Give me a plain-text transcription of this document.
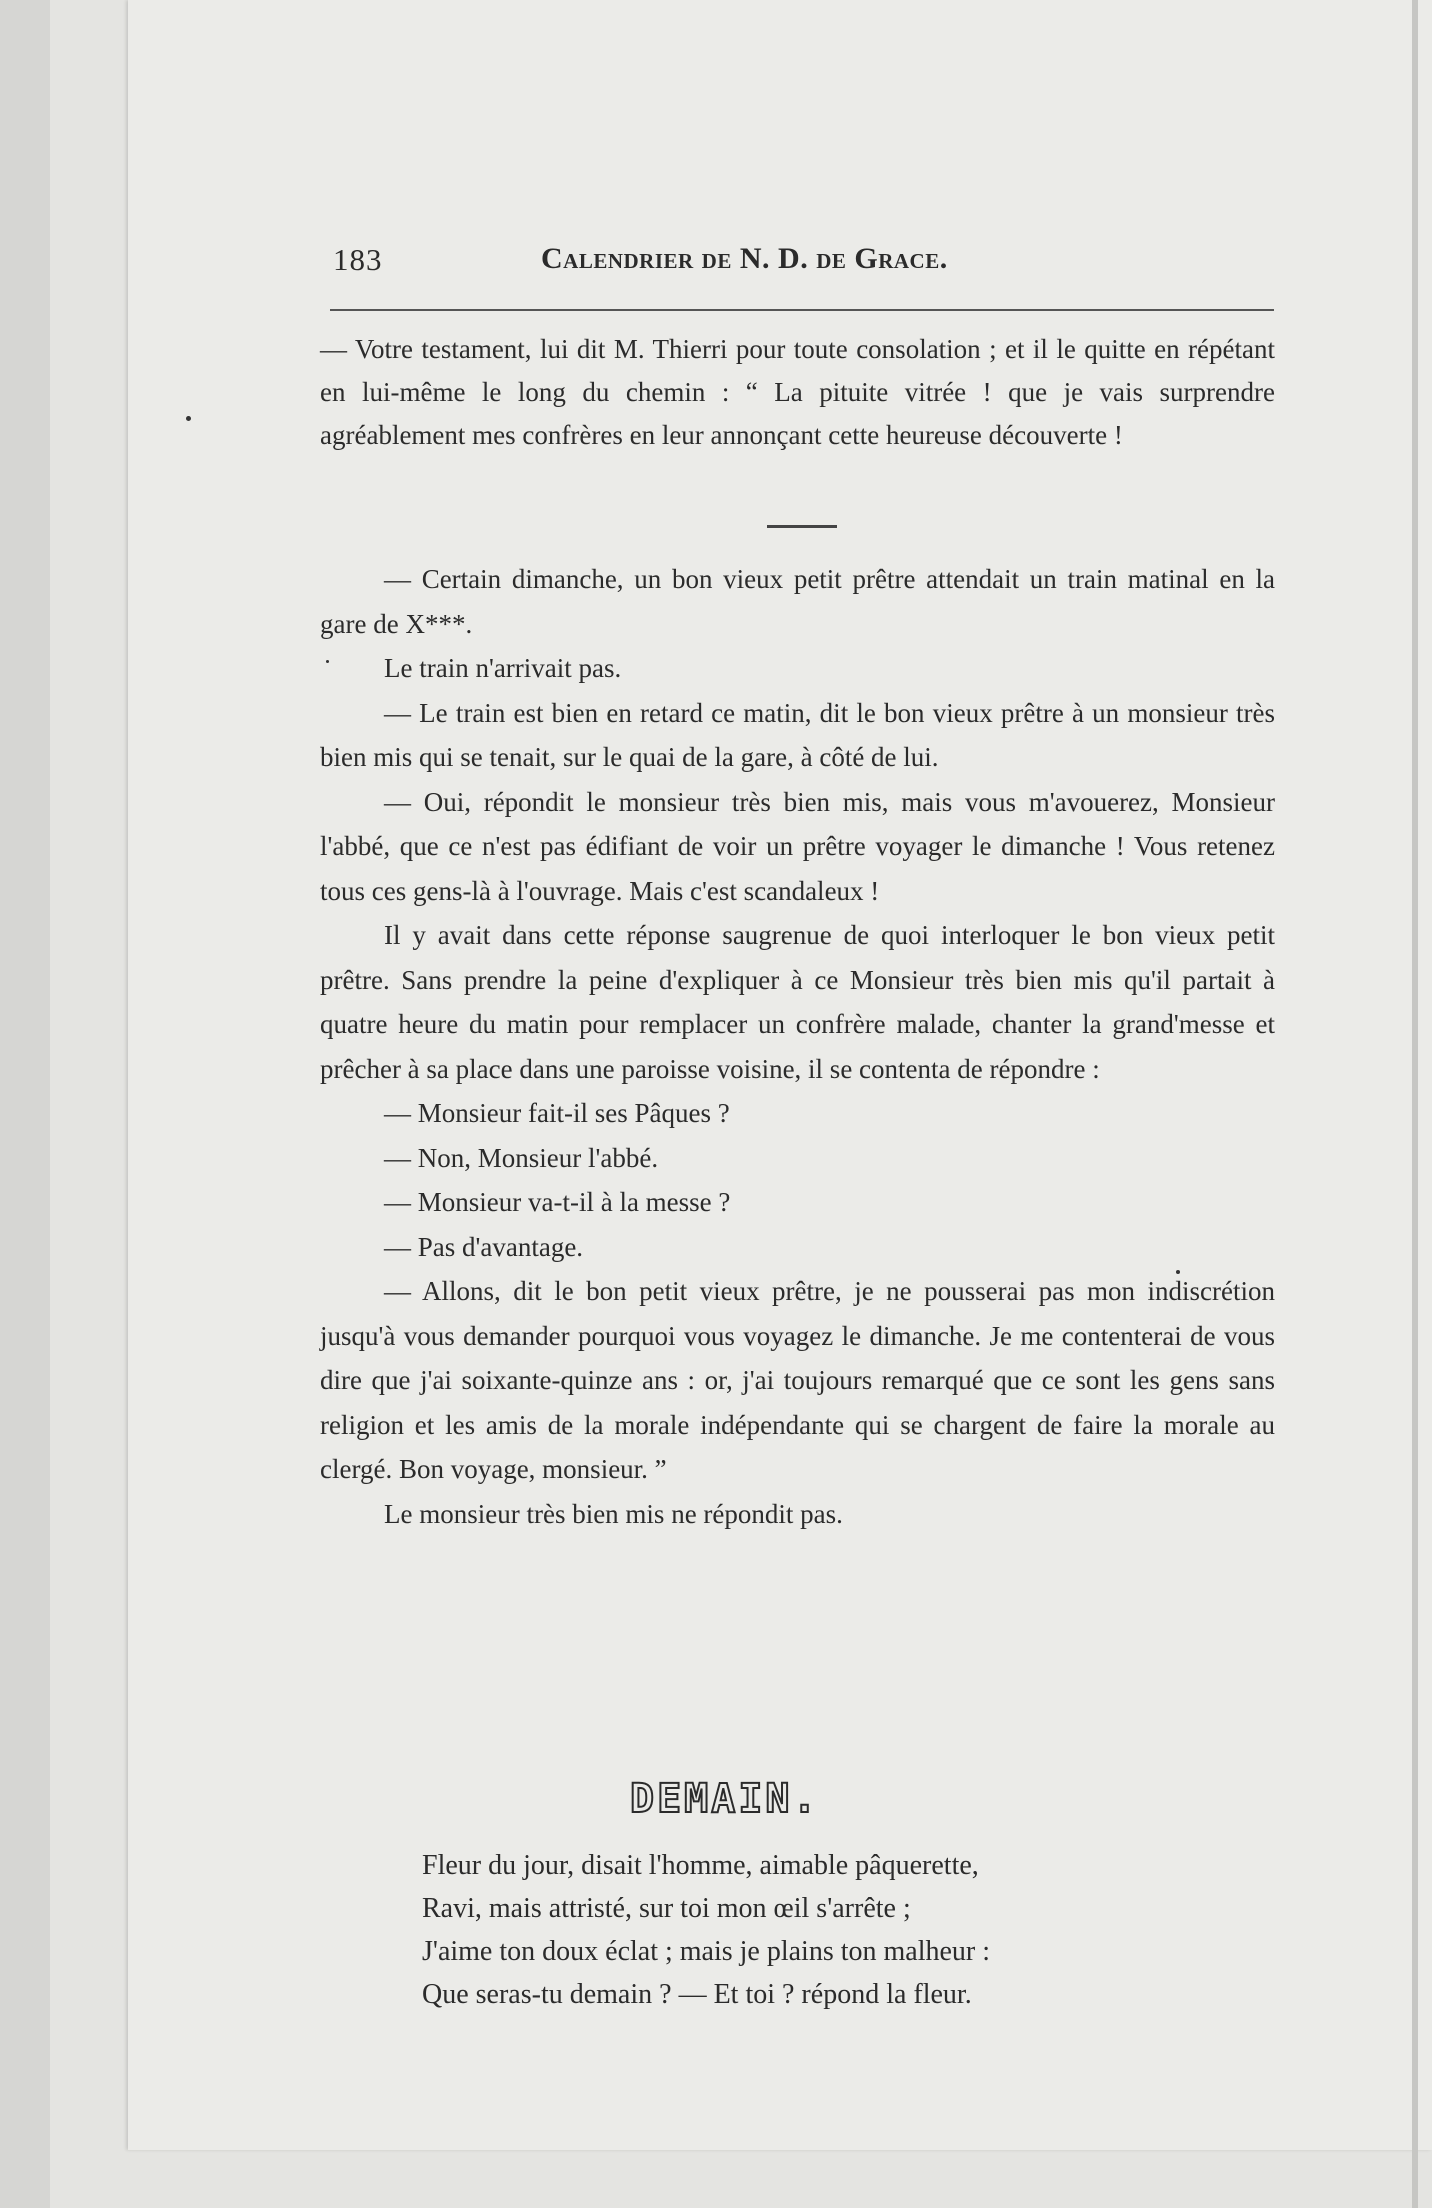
183	Calendrier de N. D. de Grace.

— Votre testament, lui dit M. Thierri pour toute consolation ; et il le quitte en répétant en lui-même le long du chemin : “ La pituite vitrée ! que je vais surprendre agréablement mes confrères en leur annonçant cette heureuse découverte !

— Certain dimanche, un bon vieux petit prêtre attendait un train matinal en la gare de X***.

Le train n'arrivait pas.

— Le train est bien en retard ce matin, dit le bon vieux prêtre à un monsieur très bien mis qui se tenait, sur le quai de la gare, à côté de lui.

— Oui, répondit le monsieur très bien mis, mais vous m'avouerez, Monsieur l'abbé, que ce n'est pas édifiant de voir un prêtre voyager le dimanche ! Vous retenez tous ces gens-là à l'ouvrage. Mais c'est scandaleux !

Il y avait dans cette réponse saugrenue de quoi interloquer le bon vieux petit prêtre. Sans prendre la peine d'expliquer à ce Monsieur très bien mis qu'il partait à quatre heure du matin pour remplacer un confrère malade, chanter la grand'messe et prêcher à sa place dans une paroisse voisine, il se contenta de répondre :

— Monsieur fait-il ses Pâques ?

— Non, Monsieur l'abbé.

— Monsieur va-t-il à la messe ?

— Pas d'avantage.

— Allons, dit le bon petit vieux prêtre, je ne pousserai pas mon indiscrétion jusqu'à vous demander pourquoi vous voyagez le dimanche. Je me contenterai de vous dire que j'ai soixante-quinze ans : or, j'ai toujours remarqué que ce sont les gens sans religion et les amis de la morale indépendante qui se chargent de faire la morale au clergé. Bon voyage, monsieur. ”

Le monsieur très bien mis ne répondit pas.

DEMAIN.
Fleur du jour, disait l'homme, aimable pâquerette,
Ravi, mais attristé, sur toi mon œil s'arrête ;
J'aime ton doux éclat ; mais je plains ton malheur :
Que seras-tu demain ? — Et toi ? répond la fleur.
